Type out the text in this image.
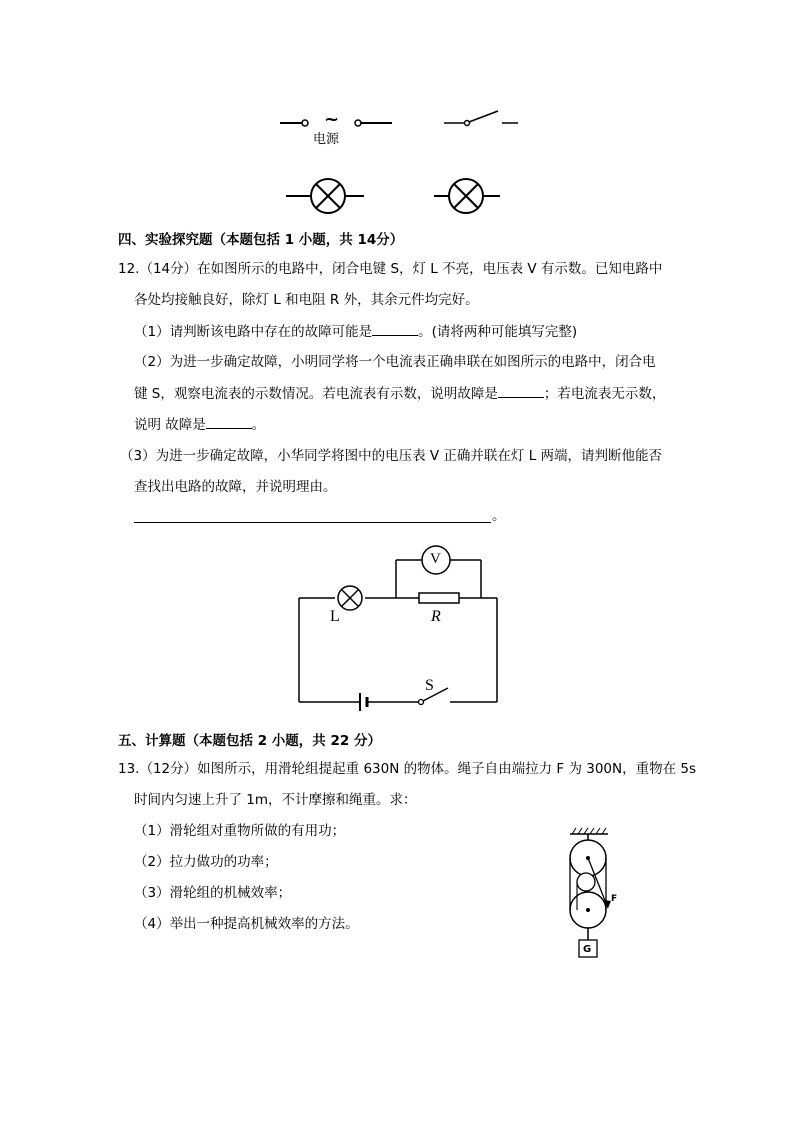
~
电源
四、实验探究题（本题包括 1 小题，共 14分）
12.（14分）在如图所示的电路中，闭合电键 S，灯 L 不亮，电压表 V 有示数。已知电路中
各处均接触良好，除灯 L 和电阻 R 外，其余元件均完好。
（1）请判断该电路中存在的故障可能是	。(请将两种可能填写完整)
（2）为进一步确定故障，小明同学将一个电流表正确串联在如图所示的电路中，闭合电
键 S，观察电流表的示数情况。若电流表有示数，说明故障是	；若电流表无示数，
说明 故障是	。
（3）为进一步确定故障，小华同学将图中的电压表 V 正确并联在灯 L 两端，请判断他能否
查找出电路的故障，并说明理由。
。
V
L	R
S
五、计算题（本题包括 2 小题，共 22 分）
13.（12分）如图所示，用滑轮组提起重 630N 的物体。绳子自由端拉力 F 为 300N，重物在 5s
时间内匀速上升了 1m，不计摩擦和绳重。求：
（1）滑轮组对重物所做的有用功；
（2）拉力做功的功率；
（3）滑轮组的机械效率；
（4）举出一种提高机械效率的方法。
F
G
